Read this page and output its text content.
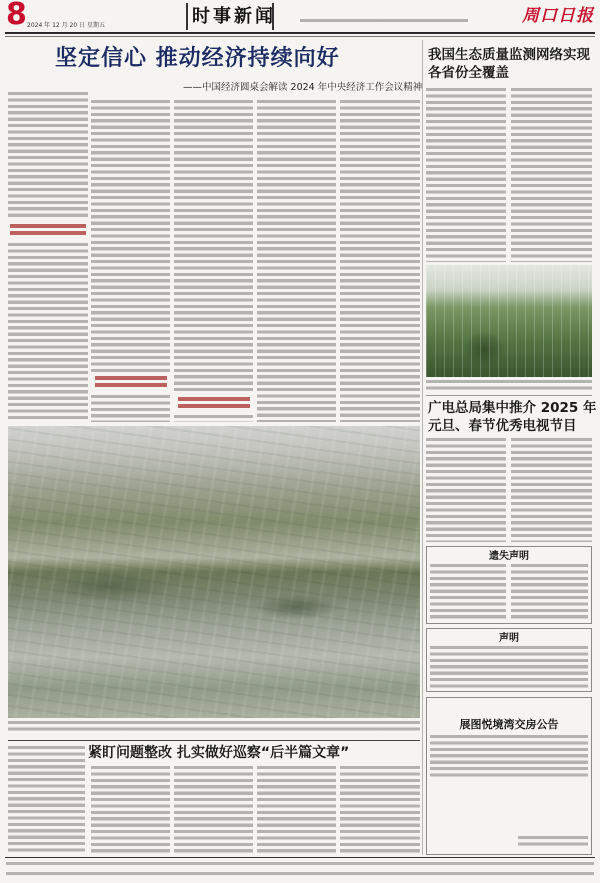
8 2024 年 12 月 20 日 星期五	时事新闻	周口日报
坚定信心 推动经济持续向好
——中国经济圆桌会解读 2024 年中央经济工作会议精神
我国生态质量监测网络实现
各省份全覆盖
广电总局集中推介 2025 年
元旦、春节优秀电视节目
遗失声明
声明
展图悦境湾交房公告
紧盯问题整改 扎实做好巡察“后半篇文章”
